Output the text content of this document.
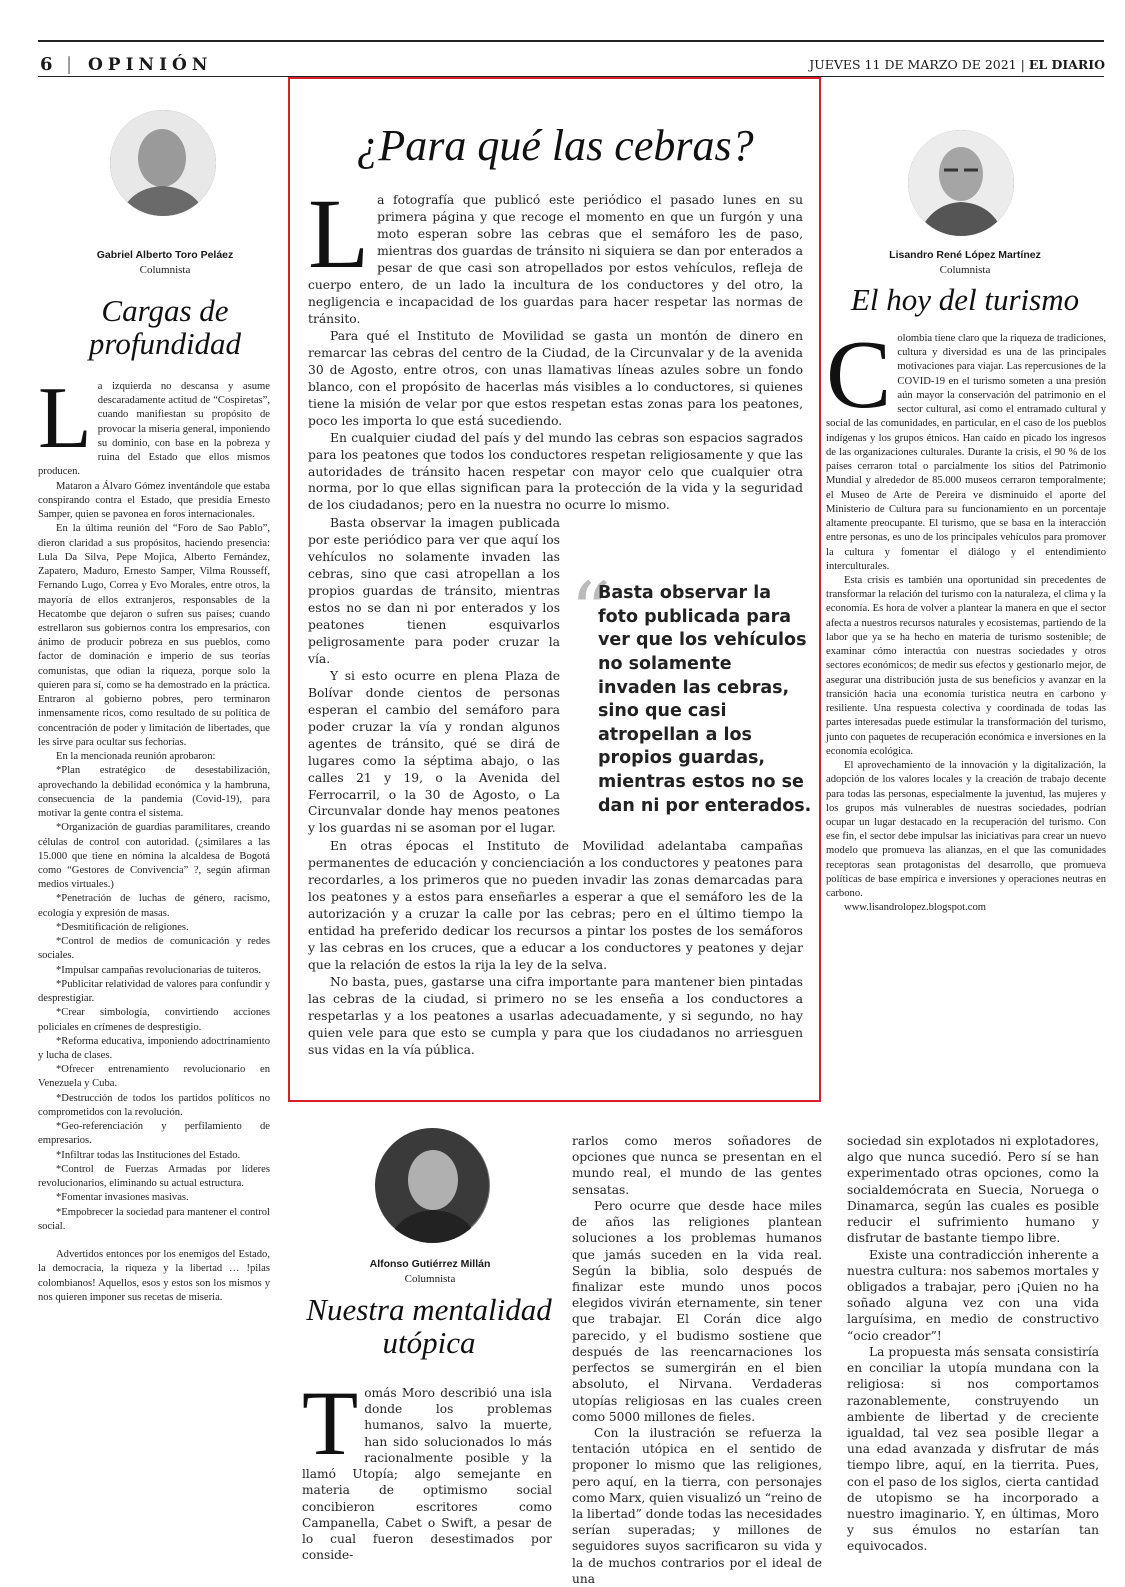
6 | OPINIÓN	JUEVES 11 DE MARZO DE 2021 | EL DIARIO
Gabriel Alberto Toro Peláez
Columnista
Cargas de profundidad

La izquierda no descansa y asume descaradamente actitud de “Cospiretas”, cuando manifiestan su propósito de provocar la miseria general, imponiendo su dominio, con base en la pobreza y ruina del Estado que ellos mismos producen.

Mataron a Álvaro Gómez inventándole que estaba conspirando contra el Estado, que presidía Ernesto Samper, quien se pavonea en foros internacionales.

En la última reunión del “Foro de Sao Pablo”, dieron claridad a sus propósitos, haciendo presencia: Lula Da Silva, Pepe Mojica, Alberto Fernández, Zapatero, Maduro, Ernesto Samper, Vilma Rousseff, Fernando Lugo, Correa y Evo Morales, entre otros, la mayoría de ellos extranjeros, responsables de la Hecatombe que dejaron o sufren sus países; cuando estrellaron sus gobiernos contra los empresarios, con ánimo de producir pobreza en sus pueblos, como factor de dominación e imperio de sus teorías comunistas, que odian la riqueza, porque solo la quieren para sí, como se ha demostrado en la práctica. Entraron al gobierno pobres, pero terminaron inmensamente ricos, como resultado de su política de concentración de poder y limitación de libertades, que les sirve para ocultar sus fechorías.

En la mencionada reunión aprobaron:

*Plan estratégico de desestabilización, aprovechando la debilidad económica y la hambruna, consecuencia de la pandemia (Covid-19), para motivar la gente contra el sistema.

*Organización de guardias paramilitares, creando células de control con autoridad. (¿similares a las 15.000 que tiene en nómina la alcaldesa de Bogotá como “Gestores de Convivencia” ?, según afirman medios virtuales.)

*Penetración de luchas de género, racismo, ecología y expresión de masas.

*Desmitificación de religiones.

*Control de medios de comunicación y redes sociales.

*Impulsar campañas revolucionarias de tuiteros.

*Publicitar relatividad de valores para confundir y desprestigiar.

*Crear simbología, convirtiendo acciones policiales en crímenes de desprestigio.

*Reforma educativa, imponiendo adoctrinamiento y lucha de clases.

*Ofrecer entrenamiento revolucionario en Venezuela y Cuba.

*Destrucción de todos los partidos políticos no comprometidos con la revolución.

*Geo-referenciación y perfilamiento de empresarios.

*Infiltrar todas las Instituciones del Estado.

*Control de Fuerzas Armadas por líderes revolucionarios, eliminando su actual estructura.

*Fomentar invasiones masivas.

*Empobrecer la sociedad para mantener el control social.

Advertidos entonces por los enemigos del Estado, la democracia, la riqueza y la libertad … !pilas colombianos! Aquellos, esos y estos son los mismos y nos quieren imponer sus recetas de miseria.

¿Para qué las cebras?

La fotografía que publicó este periódico el pasado lunes en su primera página y que recoge el momento en que un furgón y una moto esperan sobre las cebras que el semáforo les de paso, mientras dos guardas de tránsito ni siquiera se dan por enterados a pesar de que casi son atropellados por estos vehículos, refleja de cuerpo entero, de un lado la incultura de los conductores y del otro, la negligencia e incapacidad de los guardas para hacer respetar las normas de tránsito.

Para qué el Instituto de Movilidad se gasta un montón de dinero en remarcar las cebras del centro de la Ciudad, de la Circunvalar y de la avenida 30 de Agosto, entre otros, con unas llamativas líneas azules sobre un fondo blanco, con el propósito de hacerlas más visibles a lo conductores, si quienes tiene la misión de velar por que estos respetan estas zonas para los peatones, poco les importa lo que está sucediendo.

En cualquier ciudad del país y del mundo las cebras son espacios sagrados para los peatones que todos los conductores respetan religiosamente y que las autoridades de tránsito hacen respetar con mayor celo que cualquier otra norma, por lo que ellas significan para la protección de la vida y la seguridad de los ciudadanos; pero en la nuestra no ocurre lo mismo.

Basta observar la imagen publicada por este periódico para ver que aquí los vehículos no solamente invaden las cebras, sino que casi atropellan a los propios guardas de tránsito, mientras estos no se dan ni por enterados y los peatones tienen esquivarlos peligrosamente para poder cruzar la vía.

Y si esto ocurre en plena Plaza de Bolívar donde cientos de personas esperan el cambio del semáforo para poder cruzar la vía y rondan algunos agentes de tránsito, qué se dirá de lugares como la séptima abajo, o las calles 21 y 19, o la Avenida del Ferrocarril, o la 30 de Agosto, o La Circunvalar donde hay menos peatones y los guardas ni se asoman por el lugar.

“
Basta observar la foto publicada para ver que los vehículos no solamente invaden las cebras, sino que casi atropellan a los propios guardas, mientras estos no se dan ni por enterados.

En otras épocas el Instituto de Movilidad adelantaba campañas permanentes de educación y concienciación a los conductores y peatones para recordarles, a los primeros que no pueden invadir las zonas demarcadas para los peatones y a estos para enseñarles a esperar a que el semáforo les de la autorización y a cruzar la calle por las cebras; pero en el último tiempo la entidad ha preferido dedicar los recursos a pintar los postes de los semáforos y las cebras en los cruces, que a educar a los conductores y peatones y dejar que la relación de estos la rija la ley de la selva.

No basta, pues, gastarse una cifra importante para mantener bien pintadas las cebras de la ciudad, si primero no se les enseña a los conductores a respetarlas y a los peatones a usarlas adecuadamente, y si segundo, no hay quien vele para que esto se cumpla y para que los ciudadanos no arriesguen sus vidas en la vía pública.

Lisandro René López Martínez
Columnista
El hoy del turismo

Colombia tiene claro que la riqueza de tradiciones, cultura y diversidad es una de las principales motivaciones para viajar. Las repercusiones de la COVID-19 en el turismo someten a una presión aún mayor la conservación del patrimonio en el sector cultural, así como el entramado cultural y social de las comunidades, en particular, en el caso de los pueblos indígenas y los grupos étnicos. Han caído en picado los ingresos de las organizaciones culturales. Durante la crisis, el 90 % de los países cerraron total o parcialmente los sitios del Patrimonio Mundial y alrededor de 85.000 museos cerraron temporalmente; el Museo de Arte de Pereira ve disminuido el aporte del Ministerio de Cultura para su funcionamiento en un porcentaje altamente preocupante. El turismo, que se basa en la interacción entre personas, es uno de los principales vehículos para promover la cultura y fomentar el diálogo y el entendimiento interculturales.

Esta crisis es también una oportunidad sin precedentes de transformar la relación del turismo con la naturaleza, el clima y la economía. Es hora de volver a plantear la manera en que el sector afecta a nuestros recursos naturales y ecosistemas, partiendo de la labor que ya se ha hecho en materia de turismo sostenible; de examinar cómo interactúa con nuestras sociedades y otros sectores económicos; de medir sus efectos y gestionarlo mejor, de asegurar una distribución justa de sus beneficios y avanzar en la transición hacia una economía turística neutra en carbono y resiliente. Una respuesta colectiva y coordinada de todas las partes interesadas puede estimular la transformación del turismo, junto con paquetes de recuperación económica e inversiones en la economía ecológica.

El aprovechamiento de la innovación y la digitalización, la adopción de los valores locales y la creación de trabajo decente para todas las personas, especialmente la juventud, las mujeres y los grupos más vulnerables de nuestras sociedades, podrían ocupar un lugar destacado en la recuperación del turismo. Con ese fin, el sector debe impulsar las iniciativas para crear un nuevo modelo que promueva las alianzas, en el que las comunidades receptoras sean protagonistas del desarrollo, que promueva políticas de base empírica e inversiones y operaciones neutras en carbono.

www.lisandrolopez.blogspot.com

Alfonso Gutiérrez Millán
Columnista
Nuestra mentalidad utópica

Tomás Moro describió una isla donde los problemas humanos, salvo la muerte, han sido solucionados lo más racionalmente posible y la llamó Utopía; algo semejante en materia de optimismo social concibieron escritores como Campanella, Cabet o Swift, a pesar de lo cual fueron desestimados por conside-

rarlos como meros soñadores de opciones que nunca se presentan en el mundo real, el mundo de las gentes sensatas.

Pero ocurre que desde hace miles de años las religiones plantean soluciones a los problemas humanos que jamás suceden en la vida real. Según la biblia, solo después de finalizar este mundo unos pocos elegidos vivirán eternamente, sin tener que trabajar. El Corán dice algo parecido, y el budismo sostiene que después de las reencarnaciones los perfectos se sumergirán en el bien absoluto, el Nirvana. Verdaderas utopías religiosas en las cuales creen como 5000 millones de fieles.

Con la ilustración se refuerza la tentación utópica en el sentido de proponer lo mismo que las religiones, pero aquí, en la tierra, con personajes como Marx, quien visualizó un “reino de la libertad” donde todas las necesidades serían superadas; y millones de seguidores suyos sacrificaron su vida y la de muchos contrarios por el ideal de una

sociedad sin explotados ni explotadores, algo que nunca sucedió. Pero sí se han experimentado otras opciones, como la socialdemócrata en Suecia, Noruega o Dinamarca, según las cuales es posible reducir el sufrimiento humano y disfrutar de bastante tiempo libre.

Existe una contradicción inherente a nuestra cultura: nos sabemos mortales y obligados a trabajar, pero ¡Quien no ha soñado alguna vez con una vida larguísima, en medio de constructivo “ocio creador”!

La propuesta más sensata consistiría en conciliar la utopía mundana con la religiosa: si nos comportamos razonablemente, construyendo un ambiente de libertad y de creciente igualdad, tal vez sea posible llegar a una edad avanzada y disfrutar de más tiempo libre, aquí, en la tierrita. Pues, con el paso de los siglos, cierta cantidad de utopismo se ha incorporado a nuestro imaginario. Y, en últimas, Moro y sus émulos no estarían tan equivocados.
